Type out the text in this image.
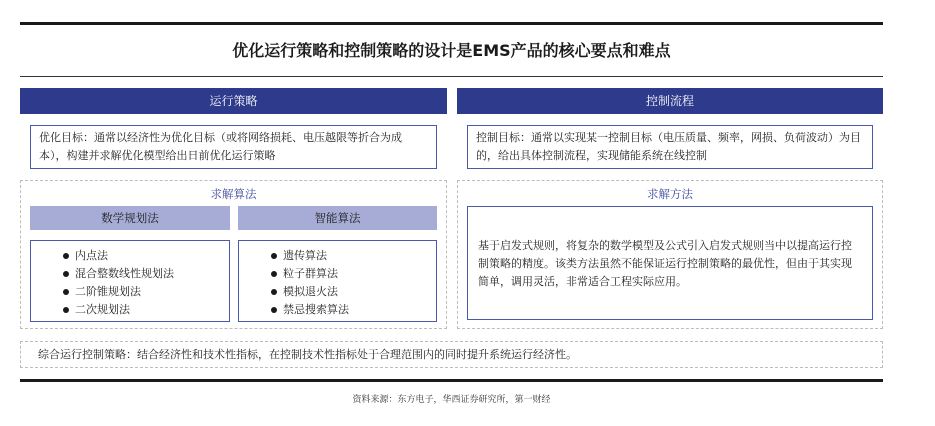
优化运行策略和控制策略的设计是EMS产品的核心要点和难点
运行策略
优化目标：通常以经济性为优化目标（或将网络损耗、电压越限等折合为成本），构建并求解优化模型给出日前优化运行策略
求解算法
数学规划法	智能算法
内点法
混合整数线性规划法
二阶锥规划法
二次规划法
遗传算法
粒子群算法
模拟退火法
禁忌搜索算法
控制流程
控制目标：通常以实现某一控制目标（电压质量、频率，网损、负荷波动）为目的，给出具体控制流程，实现储能系统在线控制
求解方法
基于启发式规则，将复杂的数学模型及公式引入启发式规则当中以提高运行控制策略的精度。该类方法虽然不能保证运行控制策略的最优性，但由于其实现简单，调用灵活，非常适合工程实际应用。
综合运行控制策略：结合经济性和技术性指标，在控制技术性指标处于合理范围内的同时提升系统运行经济性。
资料来源：东方电子，华西证券研究所，第一财经
